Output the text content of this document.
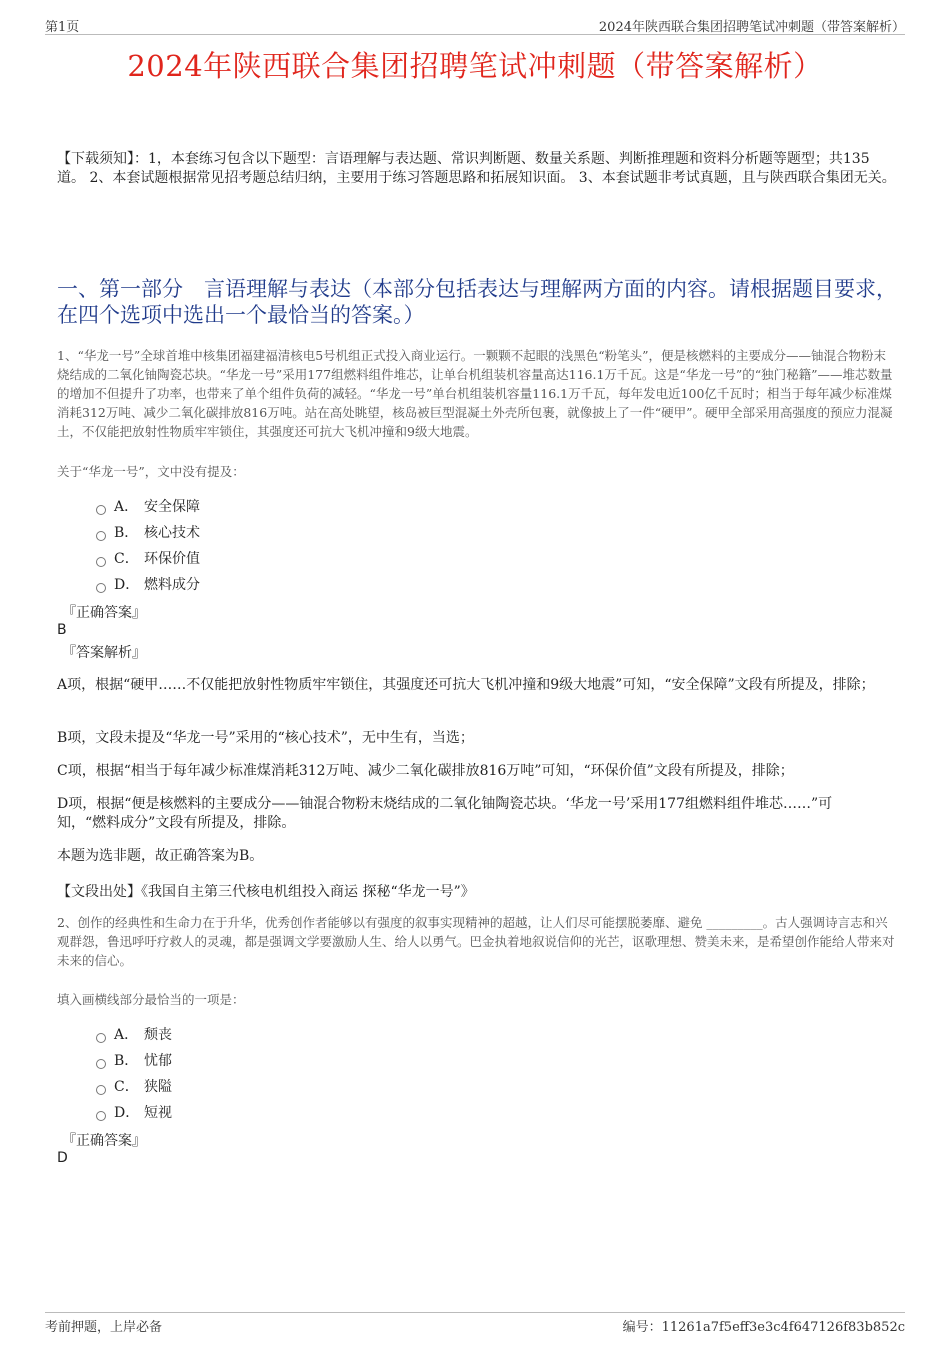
第1页	2024年陕西联合集团招聘笔试冲刺题（带答案解析）
2024年陕西联合集团招聘笔试冲刺题（带答案解析）
【下载须知】：1，本套练习包含以下题型：言语理解与表达题、常识判断题、数量关系题、判断推理题和资料分析题等题型；共135道。 2、本套试题根据常见招考题总结归纳，主要用于练习答题思路和拓展知识面。 3、本套试题非考试真题，且与陕西联合集团无关。
一、第一部分　言语理解与表达（本部分包括表达与理解两方面的内容。请根据题目要求，在四个选项中选出一个最恰当的答案。）
1、“华龙一号”全球首堆中核集团福建福清核电5号机组正式投入商业运行。一颗颗不起眼的浅黑色“粉笔头”，便是核燃料的主要成分——铀混合物粉末烧结成的二氧化铀陶瓷芯块。“华龙一号”采用177组燃料组件堆芯，让单台机组装机容量高达116.1万千瓦。这是“华龙一号”的“独门秘籍”——堆芯数量的增加不但提升了功率，也带来了单个组件负荷的减轻。“华龙一号”单台机组装机容量116.1万千瓦，每年发电近100亿千瓦时；相当于每年减少标准煤消耗312万吨、减少二氧化碳排放816万吨。站在高处眺望，核岛被巨型混凝土外壳所包裹，就像披上了一件“硬甲”。硬甲全部采用高强度的预应力混凝土，不仅能把放射性物质牢牢锁住，其强度还可抗大飞机冲撞和9级大地震。
关于“华龙一号”，文中没有提及：
A． 安全保障
B． 核心技术
C． 环保价值
D． 燃料成分
『正确答案』
B
『答案解析』
A项，根据“硬甲……不仅能把放射性物质牢牢锁住，其强度还可抗大飞机冲撞和9级大地震”可知，“安全保障”文段有所提及，排除；
B项，文段未提及“华龙一号”采用的“核心技术”，无中生有，当选；
C项，根据“相当于每年减少标准煤消耗312万吨、减少二氧化碳排放816万吨”可知，“环保价值”文段有所提及，排除；
D项，根据“便是核燃料的主要成分——铀混合物粉末烧结成的二氧化铀陶瓷芯块。‘华龙一号’采用177组燃料组件堆芯……”可知，“燃料成分”文段有所提及，排除。
本题为选非题，故正确答案为B。
【文段出处】《我国自主第三代核电机组投入商运 探秘“华龙一号”》
2、创作的经典性和生命力在于升华，优秀创作者能够以有强度的叙事实现精神的超越，让人们尽可能摆脱萎靡、避免 _________。古人强调诗言志和兴观群怨，鲁迅呼吁疗救人的灵魂，都是强调文学要激励人生、给人以勇气。巴金执着地叙说信仰的光芒，讴歌理想、赞美未来，是希望创作能给人带来对未来的信心。
填入画横线部分最恰当的一项是：
A． 颓丧
B． 忧郁
C． 狭隘
D． 短视
『正确答案』
D
考前押题，上岸必备	编号：11261a7f5eff3e3c4f647126f83b852c
